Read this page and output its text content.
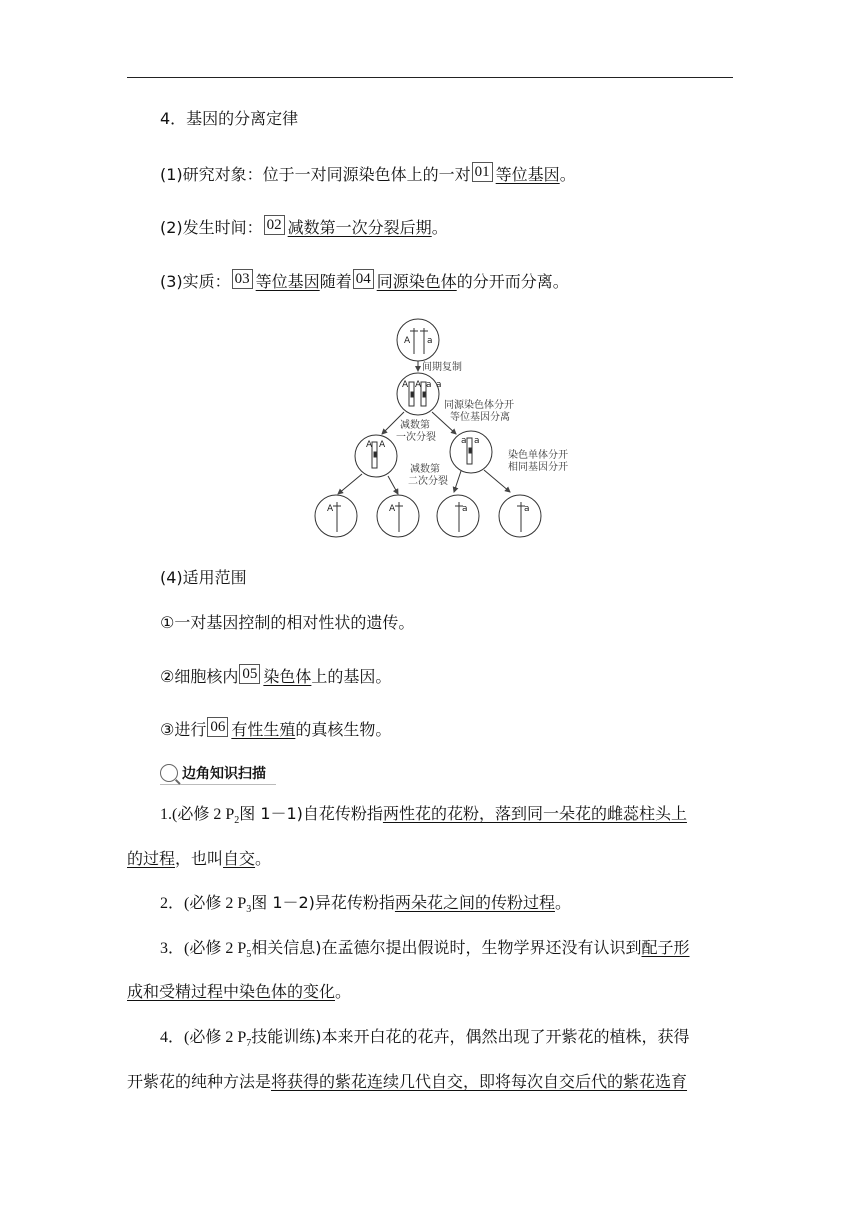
4．基因的分离定律
(1)研究对象：位于一对同源染色体上的一对 01 等位基因。
(2)发生时间： 02 减数第一次分裂后期。
(3)实质： 03 等位基因随着 04 同源染色体的分开而分离。
A a
A A a a
A A	a a
A	A	a	a
间期复制
同源染色体分开
等位基因分离
减数第
一次分裂
减数第
二次分裂
染色单体分开
相同基因分开
(4)适用范围
①一对基因控制的相对性状的遗传。
②细胞核内 05 染色体上的基因。
③进行 06 有性生殖的真核生物。
边角知识扫描
1.(必修 2 $P_2$图 1－1)自花传粉指两性花的花粉，落到同一朵花的雌蕊柱头上
的过程，也叫自交。
2．(必修 2 $P_3$图 1－2)异花传粉指两朵花之间的传粉过程。
3．(必修 2 $P_5$相关信息)在孟德尔提出假说时，生物学界还没有认识到配子形
成和受精过程中染色体的变化。
4．(必修 2 $P_7$技能训练)本来开白花的花卉，偶然出现了开紫花的植株，获得
开紫花的纯种方法是将获得的紫花连续几代自交，即将每次自交后代的紫花选育
